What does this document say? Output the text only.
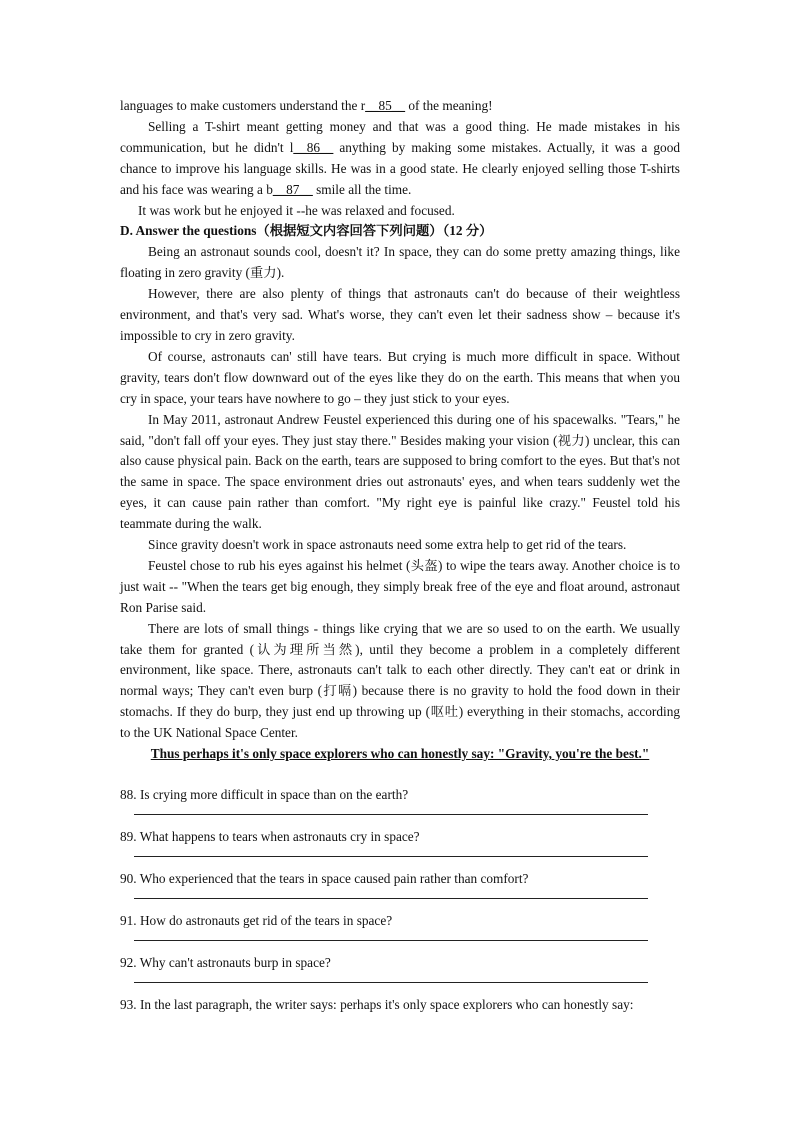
languages to make customers understand the r__85__ of the meaning!

Selling a T-shirt meant getting money and that was a good thing. He made mistakes in his communication, but he didn't l__86__ anything by making some mistakes. Actually, it was a good chance to improve his language skills. He was in a good state. He clearly enjoyed selling those T-shirts and his face was wearing a b__87__ smile all the time.

It was work but he enjoyed it --he was relaxed and focused.

D. Answer the questions（根据短文内容回答下列问题）（12 分）

Being an astronaut sounds cool, doesn't it? In space, they can do some pretty amazing things, like floating in zero gravity (重力).

However, there are also plenty of things that astronauts can't do because of their weightless environment, and that's very sad. What's worse, they can't even let their sadness show – because it's impossible to cry in zero gravity.

Of course, astronauts can' still have tears. But crying is much more difficult in space. Without gravity, tears don't flow downward out of the eyes like they do on the earth. This means that when you cry in space, your tears have nowhere to go – they just stick to your eyes.

In May 2011, astronaut Andrew Feustel experienced this during one of his spacewalks. "Tears," he said, "don't fall off your eyes. They just stay there." Besides making your vision (视力) unclear, this can also cause physical pain. Back on the earth, tears are supposed to bring comfort to the eyes. But that's not the same in space. The space environment dries out astronauts' eyes, and when tears suddenly wet the eyes, it can cause pain rather than comfort. "My right eye is painful like crazy." Feustel told his teammate during the walk.

Since gravity doesn't work in space astronauts need some extra help to get rid of the tears.

Feustel chose to rub his eyes against his helmet (头盔) to wipe the tears away. Another choice is to just wait -- "When the tears get big enough, they simply break free of the eye and float around, astronaut Ron Parise said.

There are lots of small things - things like crying that we are so used to on the earth. We usually take them for granted (认为理所当然), until they become a problem in a completely different environment, like space. There, astronauts can't talk to each other directly. They can't eat or drink in normal ways; They can't even burp (打嗝) because there is no gravity to hold the food down in their stomachs. If they do burp, they just end up throwing up (呕吐) everything in their stomachs, according to the UK National Space Center.

Thus perhaps it's only space explorers who can honestly say: "Gravity, you're the best."

88. Is crying more difficult in space than on the earth?

89. What happens to tears when astronauts cry in space?

90. Who experienced that the tears in space caused pain rather than comfort?

91. How do astronauts get rid of the tears in space?

92. Why can't astronauts burp in space?

93. In the last paragraph, the writer says: perhaps it's only space explorers who can honestly say:
